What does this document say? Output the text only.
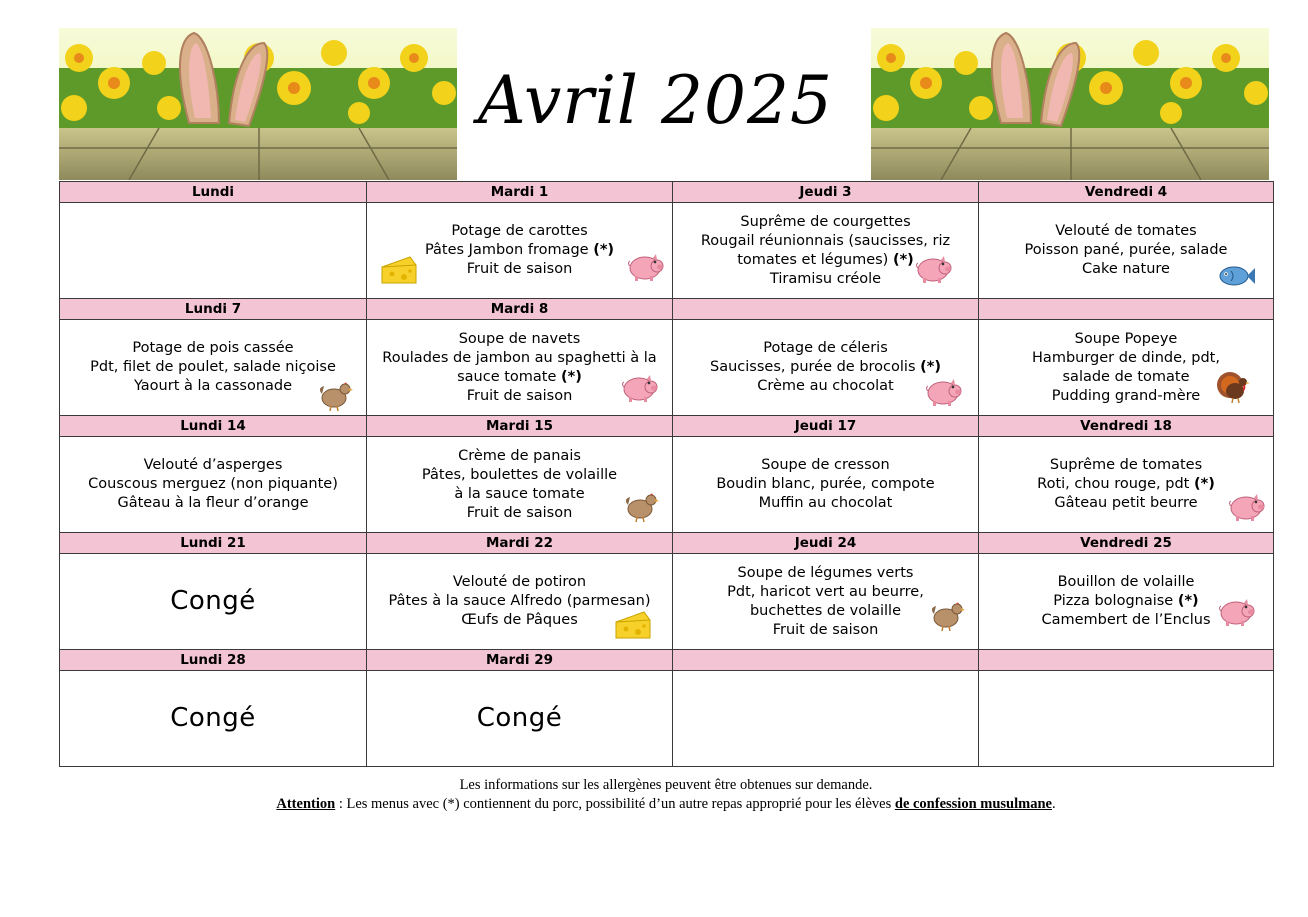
Avril 2025
Lundi	Mardi 1	Jeudi 3	Vendredi 4

	Potage de carottes
Pâtes Jambon fromage (*)
Fruit de saison	Suprême de courgettes
Rougail réunionnais (saucisses, riz
tomates et légumes) (*)
Tiramisu créole	Velouté de tomates
Poisson pané, purée, salade
Cake nature

Lundi 7	Mardi 8		

Potage de pois cassée
Pdt, filet de poulet, salade niçoise
Yaourt à la cassonade	Soupe de navets
Roulades de jambon au spaghetti à la
sauce tomate (*)
Fruit de saison	Potage de céleris
Saucisses, purée de brocolis (*)
Crème au chocolat	Soupe Popeye
Hamburger de dinde, pdt,
salade de tomate
Pudding grand-mère

Lundi 14	Mardi 15	Jeudi 17	Vendredi 18

Velouté d’asperges
Couscous merguez (non piquante)
Gâteau à la fleur d’orange	Crème de panais
Pâtes, boulettes de volaille
à la sauce tomate
Fruit de saison	Soupe de cresson
Boudin blanc, purée, compote
Muffin au chocolat	Suprême de tomates
Roti, chou rouge, pdt (*)
Gâteau petit beurre

Lundi 21	Mardi 22	Jeudi 24	Vendredi 25

Congé	Velouté de potiron
Pâtes à la sauce Alfredo (parmesan)
Œufs de Pâques	Soupe de légumes verts
Pdt, haricot vert au beurre,
buchettes de volaille
Fruit de saison	Bouillon de volaille
Pizza bolognaise (*)
Camembert de l’Enclus

Lundi 28	Mardi 29		

Congé	Congé		

Les informations sur les allergènes peuvent être obtenues sur demande.
Attention : Les menus avec (*) contiennent du porc, possibilité d’un autre repas approprié pour les élèves de confession musulmane.
